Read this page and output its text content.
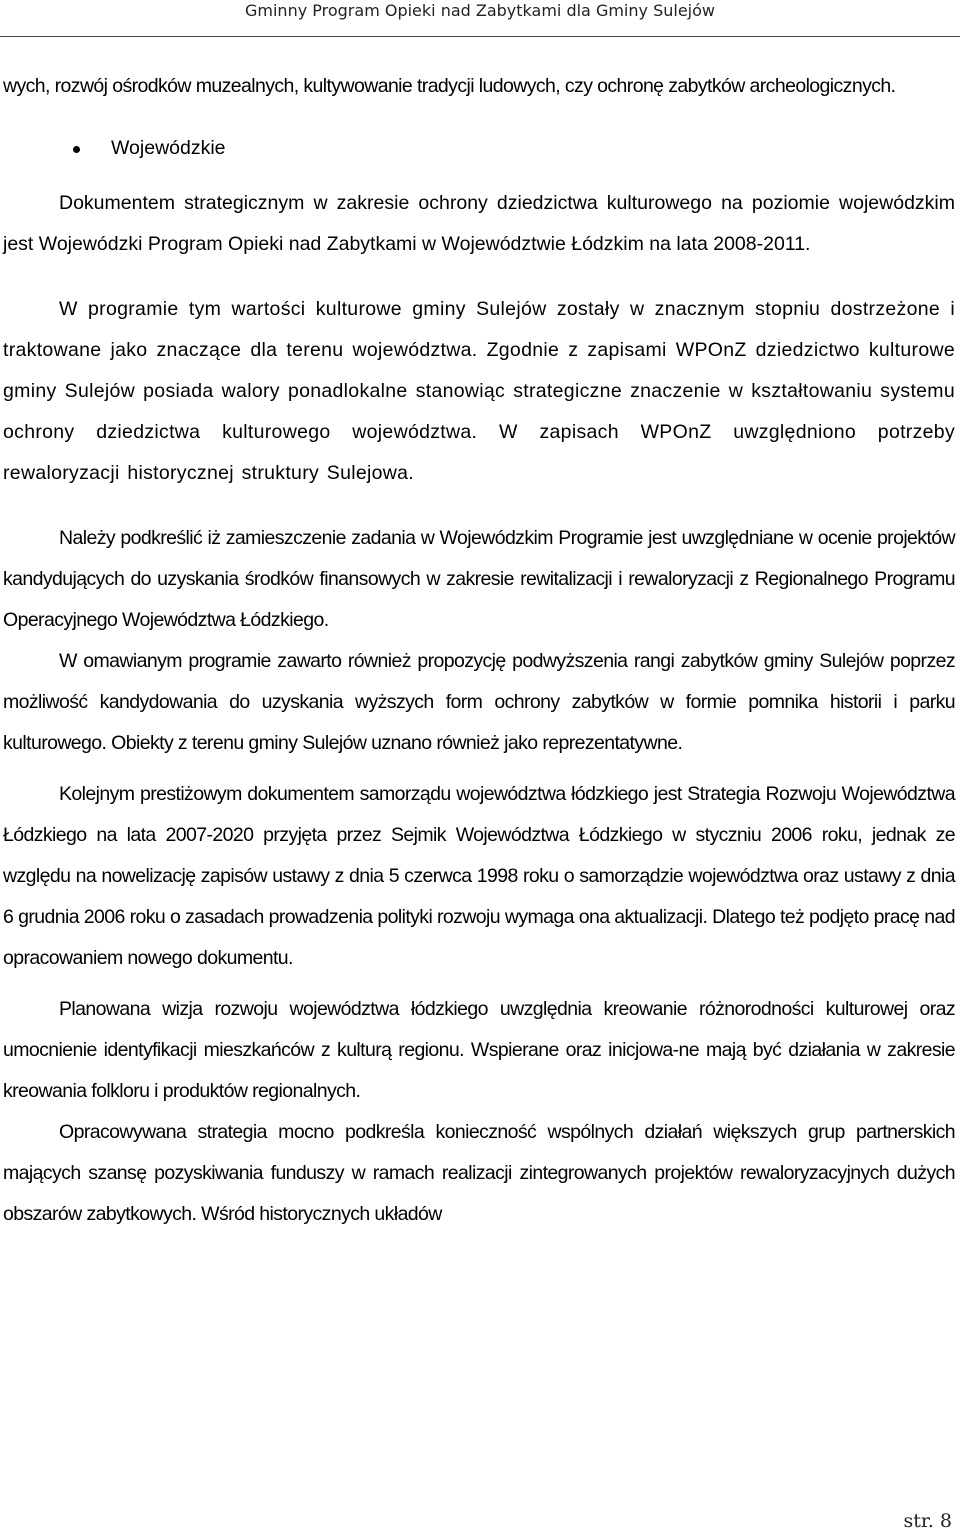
Gminny Program Opieki nad Zabytkami dla Gminy Sulejów

wych, rozwój ośrodków muzealnych, kultywowanie tradycji ludowych, czy ochronę zabytków archeologicznych.

Wojewódzkie

Dokumentem strategicznym w zakresie ochrony dziedzictwa kulturowego na poziomie wojewódzkim jest Wojewódzki Program Opieki nad Zabytkami w Województwie Łódzkim na lata 2008-2011.

W programie tym wartości kulturowe gminy Sulejów zostały w znacznym stopniu dostrzeżone i traktowane jako znaczące dla terenu województwa. Zgodnie z zapisami WPOnZ dziedzictwo kulturowe gminy Sulejów posiada walory ponadlokalne stanowiąc strategiczne znaczenie w kształtowaniu systemu ochrony dziedzictwa kulturowego województwa. W zapisach WPOnZ uwzględniono potrzeby rewaloryzacji historycznej struktury Sulejowa.

Należy podkreślić iż zamieszczenie zadania w Wojewódzkim Programie jest uwzględniane w ocenie projektów kandydujących do uzyskania środków finansowych w zakresie rewitalizacji i rewaloryzacji z Regionalnego Programu Operacyjnego Województwa Łódzkiego.

W omawianym programie zawarto również propozycję podwyższenia rangi zabytków gminy Sulejów poprzez możliwość kandydowania do uzyskania wyższych form ochrony zabytków w formie pomnika historii i parku kulturowego. Obiekty z terenu gminy Sulejów uznano również jako reprezentatywne.

Kolejnym prestiżowym dokumentem samorządu województwa łódzkiego jest Strategia Rozwoju Województwa Łódzkiego na lata 2007-2020 przyjęta przez Sejmik Województwa Łódzkiego w styczniu 2006 roku, jednak ze względu na nowelizację zapisów ustawy z dnia 5 czerwca 1998 roku o samorządzie województwa oraz ustawy z dnia 6 grudnia 2006 roku o zasadach prowadzenia polityki rozwoju wymaga ona aktualizacji. Dlatego też podjęto pracę nad opracowaniem nowego dokumentu.

Planowana wizja rozwoju województwa łódzkiego uwzględnia kreowanie różnorodności kulturowej oraz umocnienie identyfikacji mieszkańców z kulturą regionu. Wspierane oraz inicjowa-ne mają być działania w zakresie kreowania folkloru i produktów regionalnych.

Opracowywana strategia mocno podkreśla konieczność wspólnych działań większych grup partnerskich mających szansę pozyskiwania funduszy w ramach realizacji zintegrowanych projektów rewaloryzacyjnych dużych obszarów zabytkowych. Wśród historycznych układów

str. 8
